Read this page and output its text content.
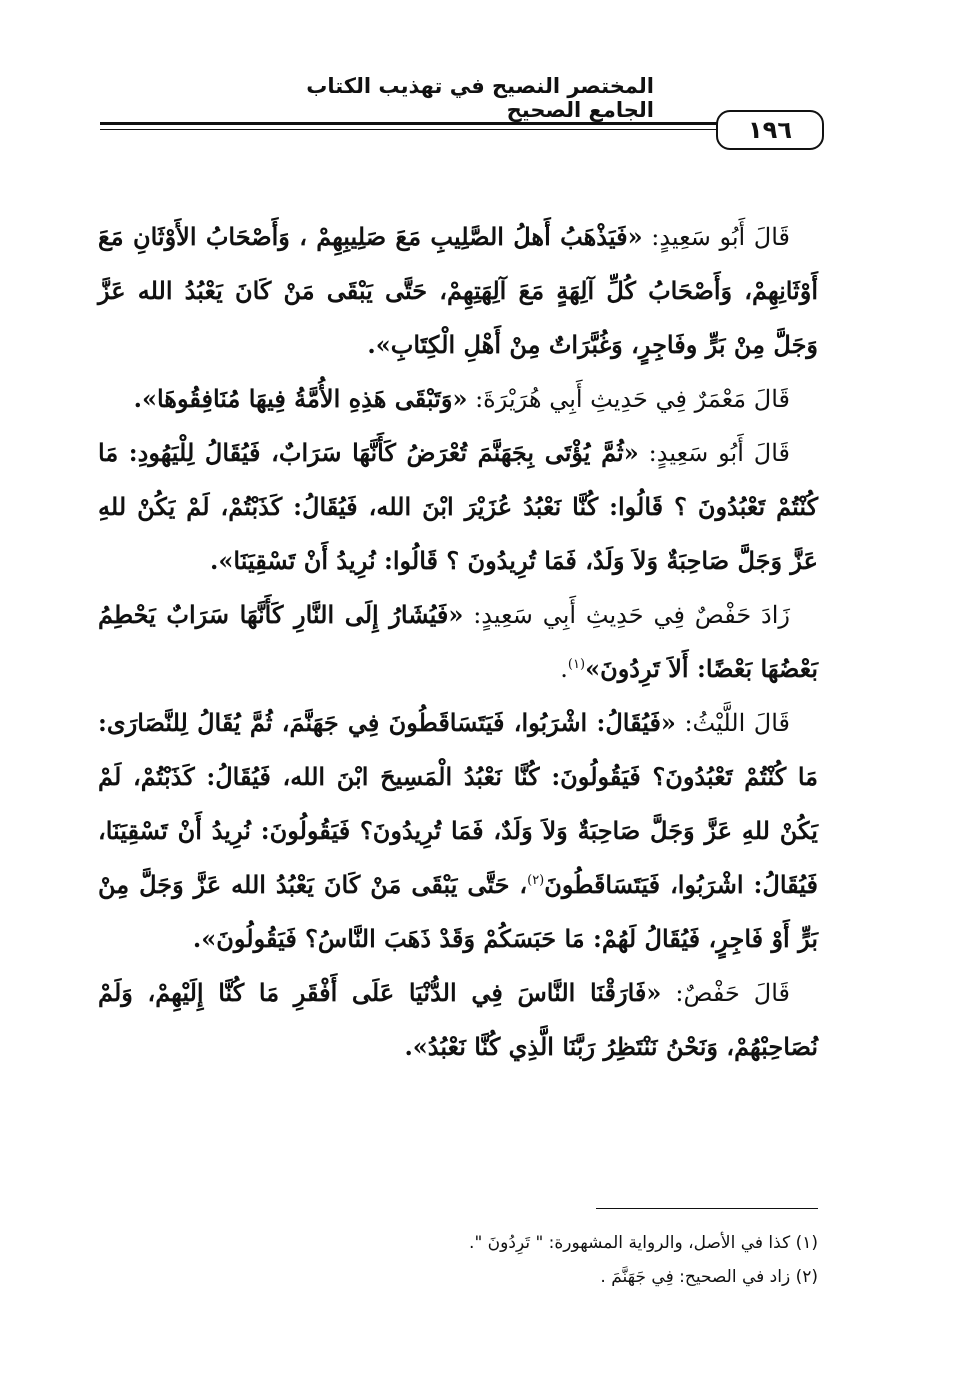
المختصر النصيح في تهذيب الكتاب الجامع الصحيح
١٩٦

قَالَ أَبُو سَعِيدٍ: «فَيَذْهَبُ أَهلُ الصَّلِيبِ مَعَ صَلِيبِهِمْ ، وَأَصْحَابُ الأَوْثَانِ مَعَ أَوْثَانِهِمْ، وَأَصْحَابُ كُلِّ آلِهَةٍ مَعَ آلِهَتِهِمْ، حَتَّى يَبْقَى مَنْ كَانَ يَعْبُدُ الله عَزَّ وَجَلَّ مِنْ بَرٍّ وفَاجِرٍ، وَغُبَّرَاتٌ مِنْ أَهْلِ الْكِتَابِ».

قَالَ مَعْمَرٌ فِي حَدِيثِ أَبِي هُرَيْرَةَ: «وَتَبْقَى هَذِهِ الأُمَّةُ فِيهَا مُنَافِقُوهَا».

قَالَ أَبُو سَعِيدٍ: «ثُمَّ يُؤْتَى بِجَهَنَّمَ تُعْرَضُ كَأَنَّهَا سَرَابٌ، فَيُقَالُ لِلْيَهُودِ: مَا كُنْتُمْ تَعْبُدُونَ ؟ قَالُوا: كُنَّا نَعْبُدُ عُزَيْرَ ابْنَ الله، فَيُقَالُ: كَذَبْتُمْ، لَمْ يَكُنْ للهِ عَزَّ وَجَلَّ صَاحِبَةٌ وَلاَ وَلَدٌ، فَمَا تُرِيدُونَ ؟ قَالُوا: نُرِيدُ أَنْ تَسْقِيَنَا».

زَادَ حَفْصٌ فِي حَدِيثِ أَبِي سَعِيدٍ: «فَيُشَارُ إِلَى النَّارِ كَأَنَّهَا سَرَابٌ يَحْطِمُ بَعْضُهَا بَعْضًا: أَلاَ تَرِدُونَ»$^{(١)}$.

قَالَ اللَّيْثُ: «فَيُقَالُ: اشْرَبُوا، فَيَتَسَاقَطُونَ فِي جَهَنَّمَ، ثُمَّ يُقَالُ لِلنَّصَارَى: مَا كُنْتُمْ تَعْبُدُونَ؟ فَيَقُولُونَ: كُنَّا نَعْبُدُ الْمَسِيحَ ابْنَ الله، فَيُقَالُ: كَذَبْتُمْ، لَمْ يَكُنْ للهِ عَزَّ وَجَلَّ صَاحِبَةٌ وَلاَ وَلَدٌ، فَمَا تُرِيدُونَ؟ فَيَقُولُونَ: نُرِيدُ أَنْ تَسْقِيَنَا، فَيُقَالُ: اشْرَبُوا، فَيَتَسَاقَطُونَ$^{(٢)}$، حَتَّى يَبْقَى مَنْ كَانَ يَعْبُدُ الله عَزَّ وَجَلَّ مِنْ بَرٍّ أَوْ فَاجِرٍ، فَيُقَالُ لَهُمْ: مَا حَبَسَكُمْ وَقَدْ ذَهَبَ النَّاسُ؟ فَيَقُولُونَ».

قَالَ حَفْصٌ: «فَارَقْنَا النَّاسَ فِي الدُّنْيَا عَلَى أَفْقَرِ مَا كُنَّا إِلَيْهِمْ، وَلَمْ نُصَاحِبْهُمْ، وَنَحْنُ نَنْتَظِرُ رَبَّنَا الَّذِي كُنَّا نَعْبُدُ».

(١) كذا في الأصل، والرواية المشهورة: " تَرِدُونَ ".

(٢) زاد في الصحيح: فِي جَهَنَّمَ .
